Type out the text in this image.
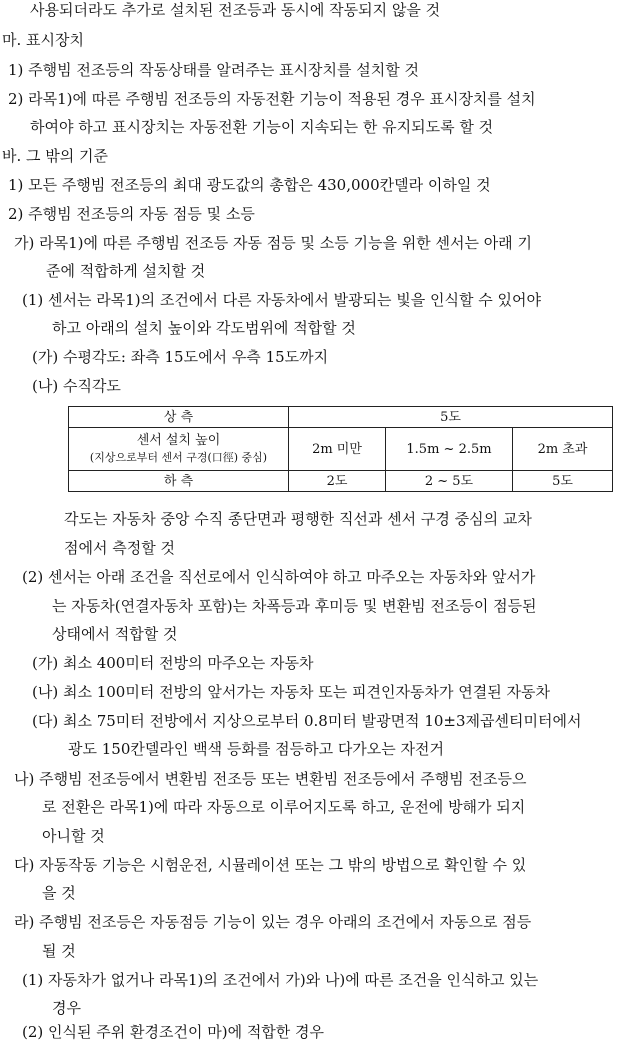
사용되더라도 추가로 설치된 전조등과 동시에 작동되지 않을 것
마. 표시장치
1) 주행빔 전조등의 작동상태를 알려주는 표시장치를 설치할 것
2) 라목1)에 따른 주행빔 전조등의 자동전환 기능이 적용된 경우 표시장치를 설치
하여야 하고 표시장치는 자동전환 기능이 지속되는 한 유지되도록 할 것
바. 그 밖의 기준
1) 모든 주행빔 전조등의 최대 광도값의 총합은 430,000칸델라 이하일 것
2) 주행빔 전조등의 자동 점등 및 소등
가) 라목1)에 따른 주행빔 전조등 자동 점등 및 소등 기능을 위한 센서는 아래 기
준에 적합하게 설치할 것
(1) 센서는 라목1)의 조건에서 다른 자동차에서 발광되는 빛을 인식할 수 있어야
하고 아래의 설치 높이와 각도범위에 적합할 것
(가) 수평각도: 좌측 15도에서 우측 15도까지
(나) 수직각도
상 측	5도		

센서 설치 높이
(지상으로부터 센서 구경(口徑) 중심)	2m 미만	1.5m ~ 2.5m	2m 초과
하 측	2도	2 ~ 5도	5도
각도는 자동차 중앙 수직 종단면과 평행한 직선과 센서 구경 중심의 교차
점에서 측정할 것
(2) 센서는 아래 조건을 직선로에서 인식하여야 하고 마주오는 자동차와 앞서가
는 자동차(연결자동차 포함)는 차폭등과 후미등 및 변환빔 전조등이 점등된
상태에서 적합할 것
(가) 최소 400미터 전방의 마주오는 자동차
(나) 최소 100미터 전방의 앞서가는 자동차 또는 피견인자동차가 연결된 자동차
(다) 최소 75미터 전방에서 지상으로부터 0.8미터 발광면적 10±3제곱센티미터에서
광도 150칸델라인 백색 등화를 점등하고 다가오는 자전거
나) 주행빔 전조등에서 변환빔 전조등 또는 변환빔 전조등에서 주행빔 전조등으
로 전환은 라목1)에 따라 자동으로 이루어지도록 하고, 운전에 방해가 되지
아니할 것
다) 자동작동 기능은 시험운전, 시뮬레이션 또는 그 밖의 방법으로 확인할 수 있
을 것
라) 주행빔 전조등은 자동점등 기능이 있는 경우 아래의 조건에서 자동으로 점등
될 것
(1) 자동차가 없거나 라목1)의 조건에서 가)와 나)에 따른 조건을 인식하고 있는
경우
(2) 인식된 주위 환경조건이 마)에 적합한 경우
